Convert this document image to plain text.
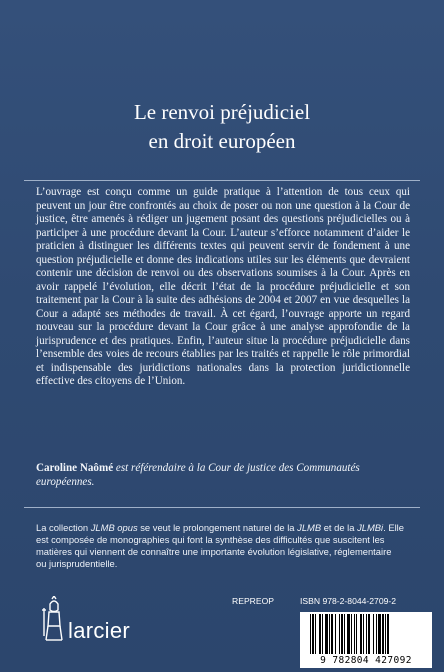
Le renvoi préjudiciel
en droit européen

L’ouvrage est conçu comme un guide pratique à l’attention de tous ceux qui peuvent un jour être confrontés au choix de poser ou non une question à la Cour de justice, être amenés à rédiger un jugement posant des questions préjudicielles ou à participer à une procédure devant la Cour. L’auteur s’efforce notamment d’aider le praticien à distinguer les différents textes qui peuvent servir de fondement à une question préjudicielle et donne des indications utiles sur les éléments que devraient contenir une décision de renvoi ou des observations soumises à la Cour. Après en avoir rappelé l’évolution, elle décrit l’état de la procédure préjudicielle et son traitement par la Cour à la suite des adhésions de 2004 et 2007 en vue desquelles la Cour a adapté ses méthodes de travail. À cet égard, l’ouvrage apporte un regard nouveau sur la procédure devant la Cour grâce à une analyse approfondie de la jurisprudence et des pratiques. Enfin, l’auteur situe la procédure préjudicielle dans l’ensemble des voies de recours établies par les traités et rappelle le rôle primordial et indispensable des juridictions nationales dans la protection juridictionnelle effective des citoyens de l’Union.

Caroline Naômé est référendaire à la Cour de justice des Communautés européennes.

La collection JLMB opus se veut le prolongement naturel de la JLMB et de la JLMBi. Elle est composée de monographies qui font la synthèse des difficultés que suscitent les matières qui viennent de connaître une importante évolution législative, réglementaire ou jurisprudentielle.

REPREOP	ISBN 978-2-8044-2709-2
larcier
9 782804 427092
